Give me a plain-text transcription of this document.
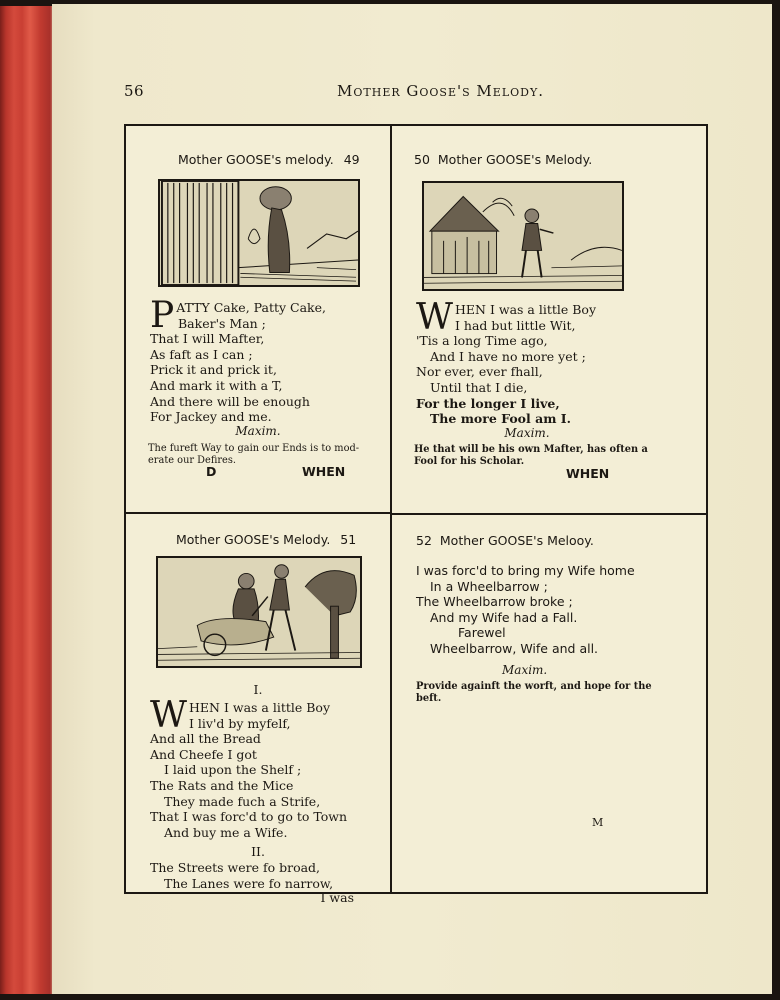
56	Mother Goose's Melody.
Mother GOOSE's melody. 49
P ATTY Cake, Patty Cake,
Baker's Man ;
That I will Mafter,
As faft as I can ;
Prick it and prick it,
And mark it with a T,
And there will be enough
For Jackey and me.
Maxim.
The fureft Way to gain our Ends is to mod- erate our Defires.
D	WHEN
50 Mother GOOSE's Melody.
W HEN I was a little Boy
I had but little Wit,
'Tis a long Time ago,
And I have no more yet ;
Nor ever, ever fhall,
Until that I die,
For the longer I live,
The more Fool am I.
Maxim.
He that will be his own Mafter, has often a Fool for his Scholar.
WHEN
Mother GOOSE's Melody. 51
I.
W HEN I was a little Boy
I liv'd by myfelf,
And all the Bread
And Cheefe I got
I laid upon the Shelf ;
The Rats and the Mice
They made fuch a Strife,
That I was forc'd to go to Town
And buy me a Wife.
II.
The Streets were fo broad,
The Lanes were fo narrow,
I was
52 Mother GOOSE's Melooy.
I was forc'd to bring my Wife home
In a Wheelbarrow ;
The Wheelbarrow broke ;
And my Wife had a Fall.
Farewel
Wheelbarrow, Wife and all.
Maxim.
Provide againft the worft, and hope for the beft.
M
